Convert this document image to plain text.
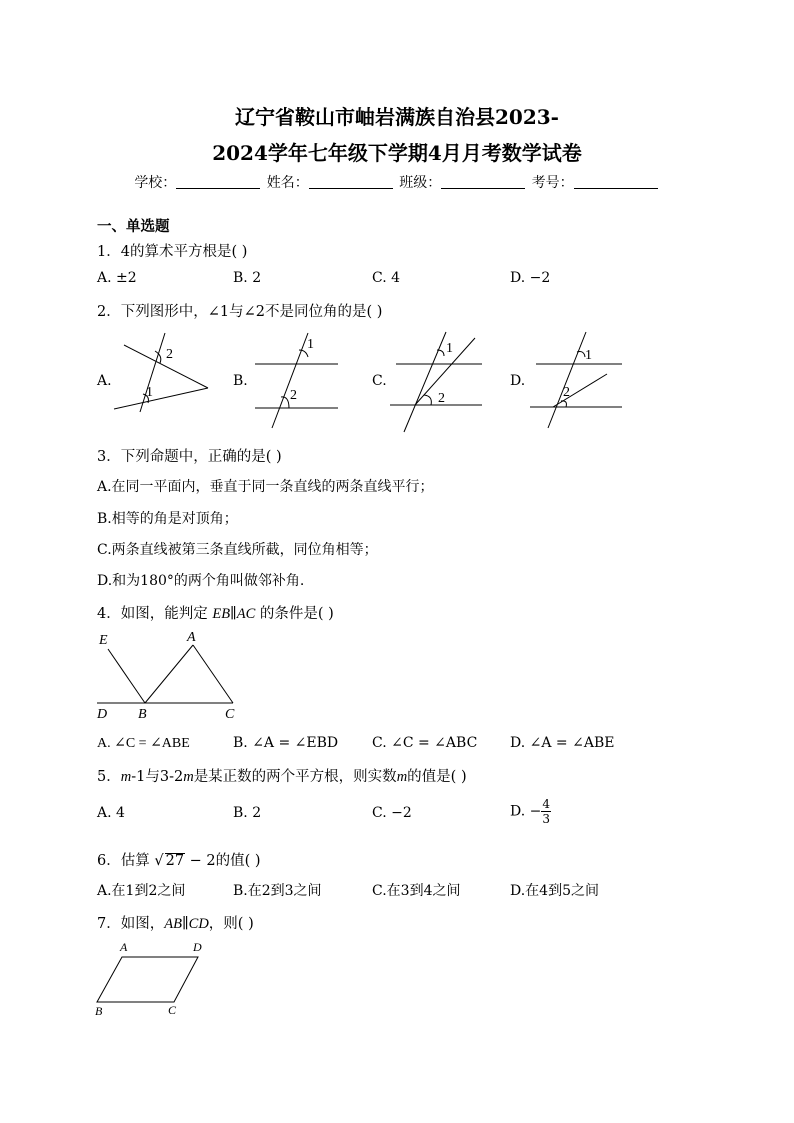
辽宁省鞍山市岫岩满族自治县2023-
2024学年七年级下学期4月月考数学试卷
学校：	姓名：	班级：	考号：
一、单选题
1．4的算术平方根是( )
A. ±2	B. 2	C. 4	D. −2
2．下列图形中，∠1与∠2不是同位角的是( )
A.	B.	C.	D.
2
1
1
2
1
2
1
2
E	A
D B	C
A	D
B	C
3．下列命题中，正确的是( )
A.在同一平面内，垂直于同一条直线的两条直线平行；
B.相等的角是对顶角；
C.两条直线被第三条直线所截，同位角相等；
D.和为180°的两个角叫做邻补角.
4．如图，能判定 EB∥AC 的条件是( )
A. ∠C = ∠ABE	B. ∠A = ∠EBD C. ∠C = ∠ABC D. ∠A = ∠ABE
5．m-1与3-2m是某正数的两个平方根，则实数m的值是( )
A. 4	B. 2	C. −2	D. − $\frac{4}{3}$
6．估算 √ 27 − 2的值( )
A.在1到2之间	B.在2到3之间	C.在3到4之间	D.在4到5之间
7．如图，AB∥CD，则( )
